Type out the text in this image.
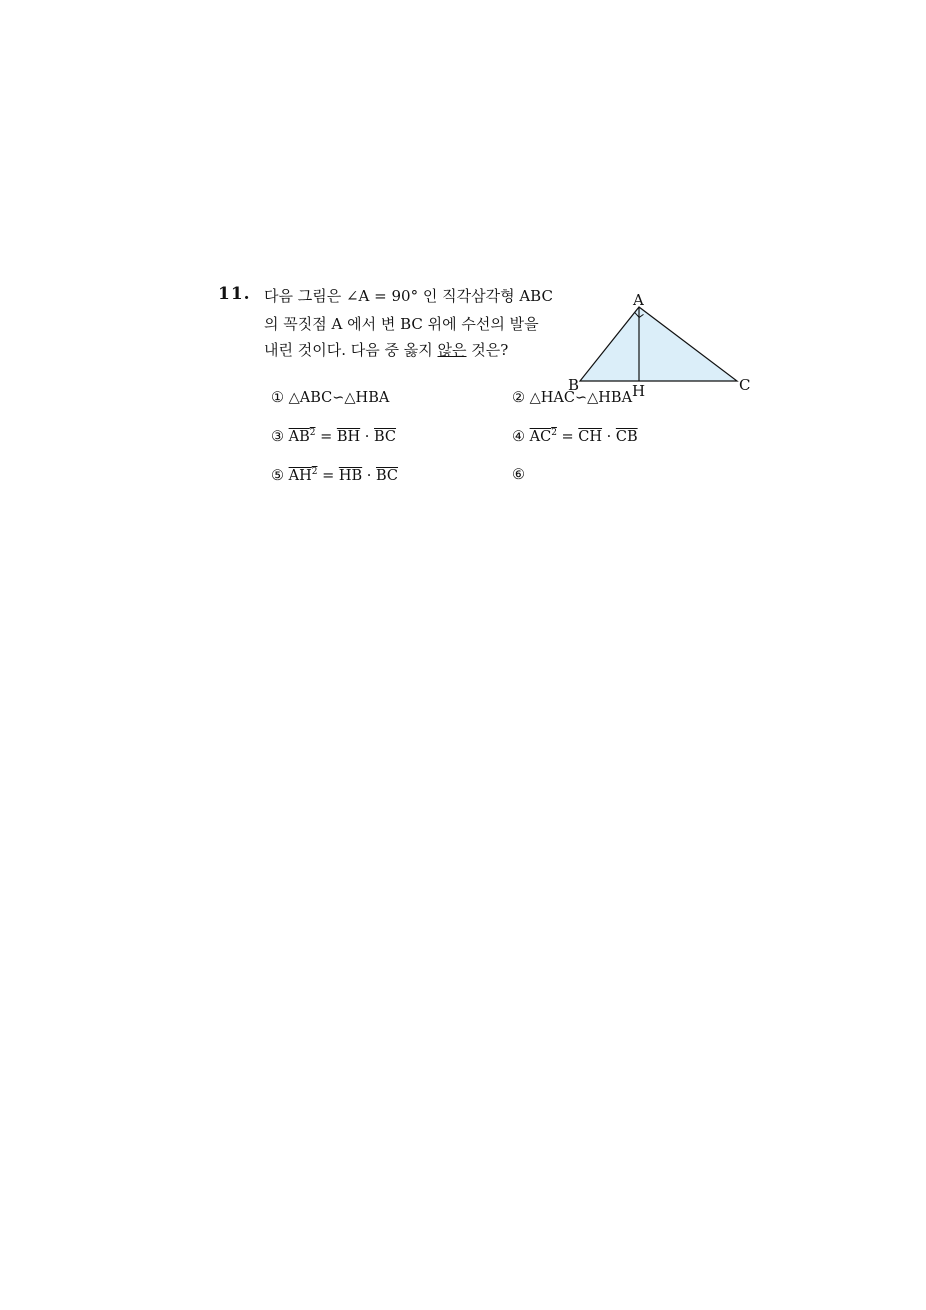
11. 다음 그림은 ∠A = 90° 인 직각삼각형 ABC
의 꼭짓점 A 에서 변 BC 위에 수선의 발을
내린 것이다. 다음 중 옳지 않은 것은?
A
B	C
H
① △ABC∽△HBA	② △HAC∽△HBA
③ $AB^2 = \overline{BH} \cdot \overline{BC}$	④ $AC^2 = \overline{CH} \cdot \overline{CB}$
⑤ $AH^2 = \overline{HB} \cdot \overline{BC}$	⑥
